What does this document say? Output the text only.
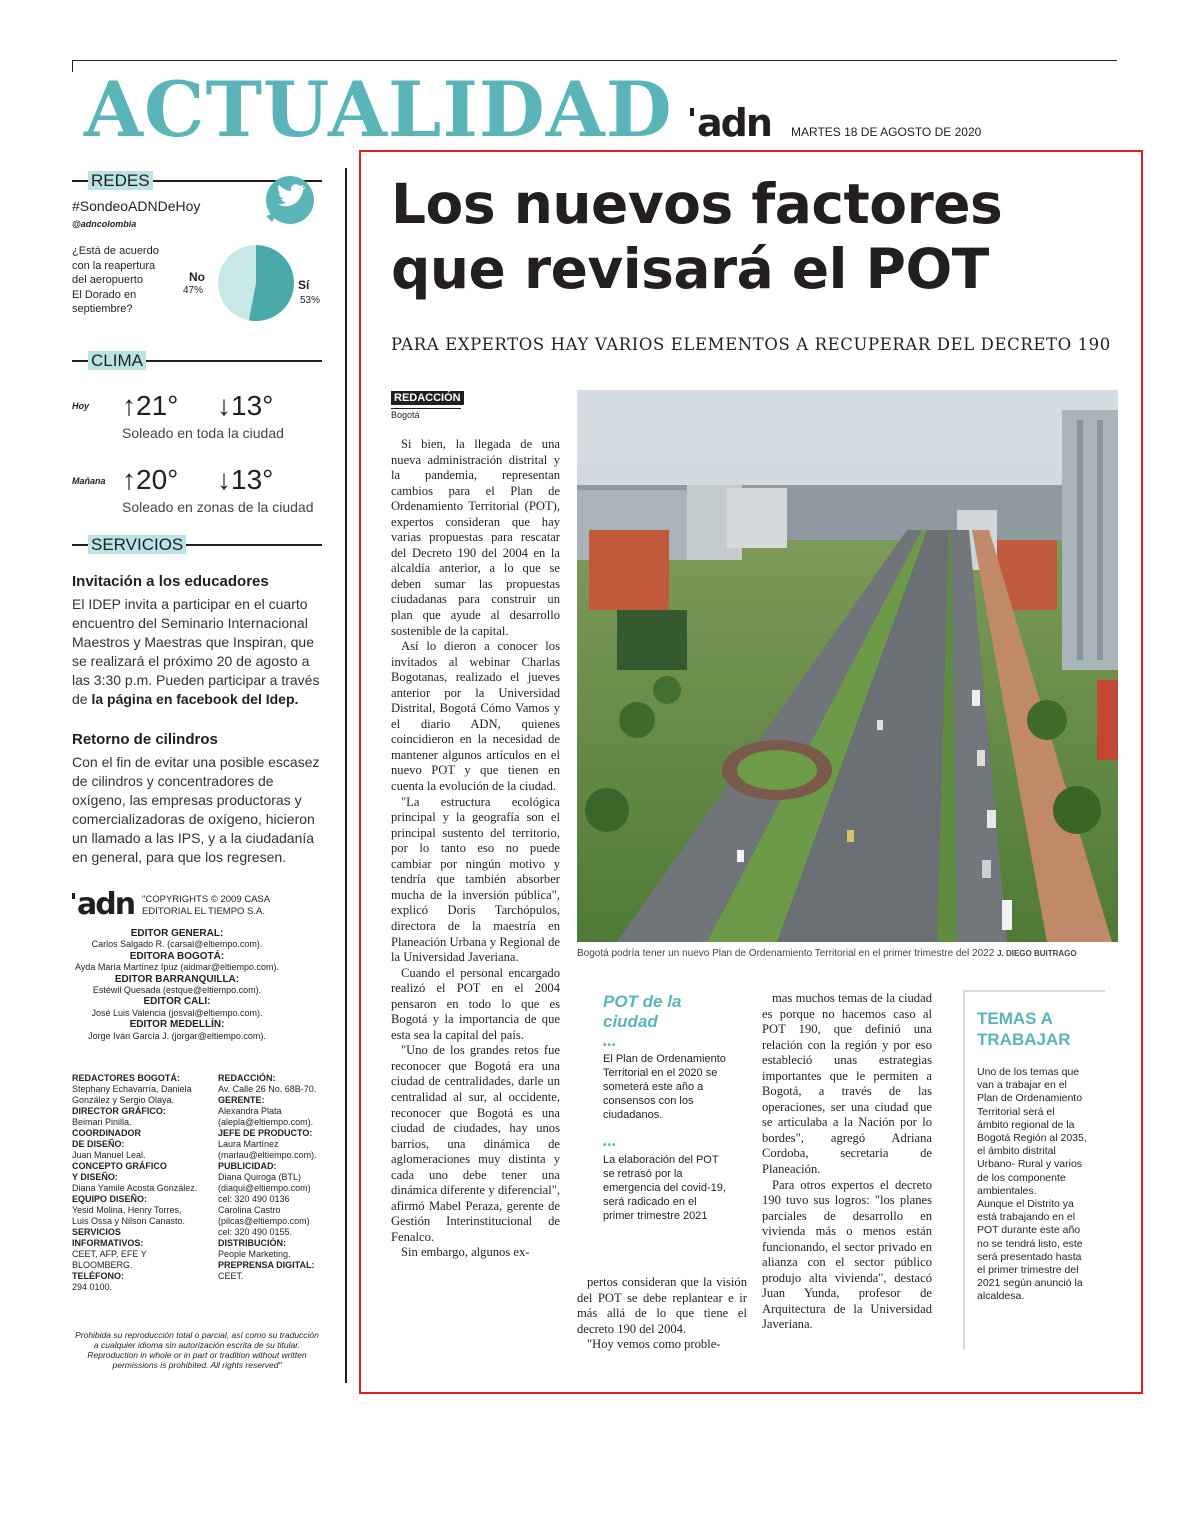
ACTUALIDAD adn MARTES 18 DE AGOSTO DE 2020
REDES
#SondeoADNDeHoy
@adncolombia
¿Está de acuerdo
con la reapertura
del aeropuerto
El Dorado en
septiembre?
No
47%	Sí
53%
CLIMA
Hoy ↑21° ↓13°
Soleado en toda la ciudad
Mañana ↑20° ↓13°
Soleado en zonas de la ciudad
SERVICIOS
Invitación a los educadores
El IDEP invita a participar en el cuarto
encuentro del Seminario Internacional
Maestros y Maestras que Inspiran, que
se realizará el próximo 20 de agosto a
las 3:30 p.m. Pueden participar a través
de la página en facebook del Idep.
Retorno de cilindros
Con el fin de evitar una posible escasez
de cilindros y concentradores de
oxígeno, las empresas productoras y
comercializadoras de oxígeno, hicieron
un llamado a las IPS, y a la ciudadanía
en general, para que los regresen.
adn "COPYRIGHTS © 2009 CASA
EDITORIAL EL TIEMPO S.A.
EDITOR GENERAL:
Carlos Salgado R. (carsal@eltiempo.com).
EDITORA BOGOTÁ:
Ayda María Martínez Ipuz (aidmar@eltiempo.com).
EDITOR BARRANQUILLA:
Estéwil Quesada (estque@eltiempo.com).
EDITOR CALI:
José Luis Valencia (josval@eltiempo.com).
EDITOR MEDELLÍN:
Jorge Iván García J. (jorgar@eltiempo.com).
REDACTORES BOGOTÁ:
Stephany Echavarría, Daniela
González y Sergio Olaya.
DIRECTOR GRÁFICO:
Beiman Pinilla.
COORDINADOR
DE DISEÑO:
Juan Manuel Leal.
CONCEPTO GRÁFICO
Y DISEÑO:
Diana Yamile Acosta González.
EQUIPO DISEÑO:
Yesid Molina, Henry Torres,
Luis Ossa y Nilson Canasto.
SERVICIOS
INFORMATIVOS:
CEET, AFP, EFE Y BLOOMBERG.
TELÉFONO:
294 0100.
REDACCIÓN:
Av. Calle 26 No. 68B-70.
GERENTE:
Alexandra Plata
(alepla@eltiempo.com).
JEFE DE PRODUCTO:
Laura Martínez
(marlau@eltiempo.com).
PUBLICIDAD:
Diana Quiroga (BTL)
(diaqui@eltiempo.com)
cel: 320 490 0136
Carolina Castro
(pilcas@eltiempo.com)
cel: 320 490 0155.
DISTRIBUCIÓN:
People Marketing.
PREPRENSA DIGITAL:
CEET.
Prohibida su reproducción total o parcial, así como su traducción
a cualquier idioma sin autorización escrita de su titular.
Reproduction in whole or in part or tradition without written
permissions is prohibited. All rights reserved"
Los nuevos factores
que revisará el POT
PARA EXPERTOS HAY VARIOS ELEMENTOS A RECUPERAR DEL DECRETO 190
REDACCIÓN
Bogotá

Si bien, la llegada de una nueva administración distrital y la pandemia, representan cambios para el Plan de Ordenamiento Territorial (POT), expertos consideran que hay varias propuestas para rescatar del Decreto 190 del 2004 en la alcaldía anterior, a lo que se deben sumar las propuestas ciudadanas para construir un plan que ayude al desarrollo sostenible de la capital.

Así lo dieron a conocer los invitados al webinar Charlas Bogotanas, realizado el jueves anterior por la Universidad Distrital, Bogotá Cómo Vamos y el diario ADN, quienes coincidieron en la necesidad de mantener algunos artículos en el nuevo POT y que tienen en cuenta la evolución de la ciudad.

"La estructura ecológica principal y la geografía son el principal sustento del territorio, por lo tanto eso no puede cambiar por ningún motivo y tendría que también absorber mucha de la inversión pública", explicó Doris Tarchópulos, directora de la maestría en Planeación Urbana y Regional de la Universidad Javeriana.

Cuando el personal encargado realizó el POT en el 2004 pensaron en todo lo que es Bogotá y la importancia de que esta sea la capital del país.

"Uno de los grandes retos fue reconocer que Bogotá era una ciudad de centralidades, darle un centralidad al sur, al occidente, reconocer que Bogotá es una ciudad de ciudades, hay unos barrios, una dinámica de aglomeraciones muy distinta y cada uno debe tener una dinámica diferente y diferencial", afirmó Mabel Peraza, gerente de Gestión Interinstitucional de Fenalco.

Sin embargo, algunos ex-

pertos consideran que la visión del POT se debe replantear e ir más allá de lo que tiene el decreto 190 del 2004.

"Hoy vemos como proble-

mas muchos temas de la ciudad es porque no hacemos caso al POT 190, que definió una relación con la región y por eso estableció unas estrategias importantes que le permiten a Bogotá, a través de las operaciones, ser una ciudad que se articulaba a la Nación por lo bordes", agregó Adriana Cordoba, secretaria de Planeación.

Para otros expertos el decreto 190 tuvo sus logros: "los planes parciales de desarrollo en vivienda más o menos están funcionando, el sector privado en alianza con el sector público produjo alta vivienda", destacó Juan Yunda, profesor de Arquitectura de la Universidad Javeriana.

Bogotá podría tener un nuevo Plan de Ordenamiento Territorial en el primer trimestre del 2022 J. DIEGO BUITRAGO
POT de la
ciudad
•••
El Plan de Ordenamiento
Territorial en el 2020 se
someterá este año a
consensos con los
ciudadanos.
•••
La elaboración del POT
se retrasó por la
emergencia del covid-19,
será radicado en el
primer trimestre 2021
TEMAS A
TRABAJAR
Uno de los temas que
van a trabajar en el
Plan de Ordenamiento
Territorial será el
ámbito regional de la
Bogotá Región al 2035,
el ámbito distrital
Urbano- Rural y varios
de los componente
ambientales.
Aunque el Distrito ya
está trabajando en el
POT durante este año
no se tendrá listo, este
será presentado hasta
el primer trimestre del
2021 según anunció la
alcaldesa.
